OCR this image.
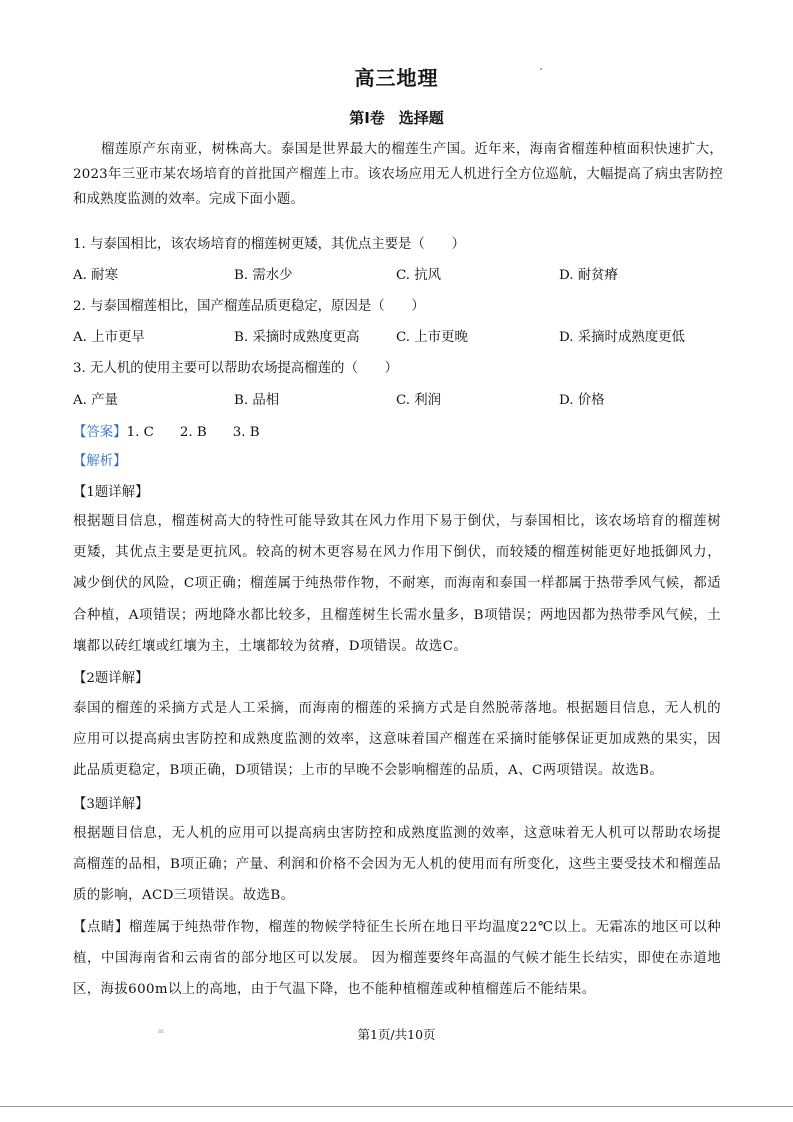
高三地理
第Ⅰ卷 选择题
榴莲原产东南亚，树株高大。泰国是世界最大的榴莲生产国。近年来，海南省榴莲种植面积快速扩大，2023年三亚市某农场培育的首批国产榴莲上市。该农场应用无人机进行全方位巡航，大幅提高了病虫害防控和成熟度监测的效率。完成下面小题。
1. 与泰国相比，该农场培育的榴莲树更矮，其优点主要是（　　）
A. 耐寒	B. 需水少	C. 抗风	D. 耐贫瘠
2. 与泰国榴莲相比，国产榴莲品质更稳定，原因是（　　）
A. 上市更早	B. 采摘时成熟度更高	C. 上市更晚	D. 采摘时成熟度更低
3. 无人机的使用主要可以帮助农场提高榴莲的（　　）
A. 产量	B. 品相	C. 利润	D. 价格
【答案】1. C 2. B 3. B
【解析】
【1题详解】
根据题目信息，榴莲树高大的特性可能导致其在风力作用下易于倒伏，与泰国相比，该农场培育的榴莲树更矮，其优点主要是更抗风。较高的树木更容易在风力作用下倒伏，而较矮的榴莲树能更好地抵御风力，减少倒伏的风险，C项正确；榴莲属于纯热带作物，不耐寒，而海南和泰国一样都属于热带季风气候，都适合种植，A项错误；两地降水都比较多，且榴莲树生长需水量多，B项错误；两地因都为热带季风气候，土壤都以砖红壤或红壤为主，土壤都较为贫瘠，D项错误。故选C。
【2题详解】
泰国的榴莲的采摘方式是人工采摘，而海南的榴莲的采摘方式是自然脱蒂落地。根据题目信息，无人机的应用可以提高病虫害防控和成熟度监测的效率，这意味着国产榴莲在采摘时能够保证更加成熟的果实，因此品质更稳定，B项正确，D项错误；上市的早晚不会影响榴莲的品质，A、C两项错误。故选B。
【3题详解】
根据题目信息，无人机的应用可以提高病虫害防控和成熟度监测的效率，这意味着无人机可以帮助农场提高榴莲的品相，B项正确；产量、利润和价格不会因为无人机的使用而有所变化，这些主要受技术和榴莲品质的影响，ACD三项错误。故选B。
【点睛】榴莲属于纯热带作物，榴莲的物候学特征生长所在地日平均温度22℃以上。无霜冻的地区可以种植，中国海南省和云南省的部分地区可以发展。 因为榴莲要终年高温的气候才能生长结实，即使在赤道地区，海拔600m以上的高地，由于气温下降，也不能种植榴莲或种植榴莲后不能结果。
m	第1页/共10页
